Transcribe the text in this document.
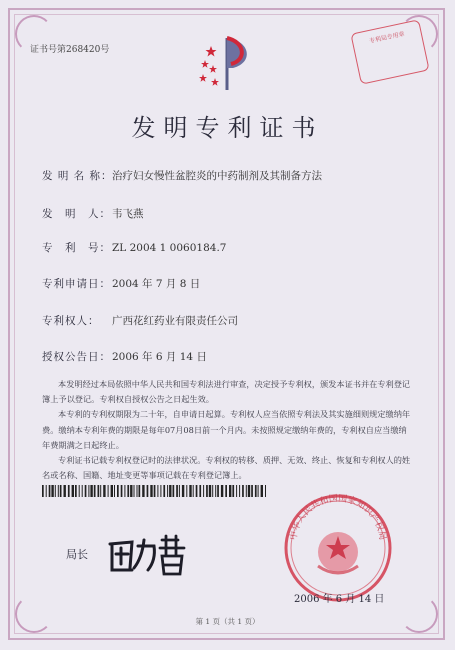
证书号第268420号
专利局专用章
发明专利证书
发 明 名 称：治疗妇女慢性盆腔炎的中药制剂及其制备方法
发　明　人：韦飞燕
专　利　号：ZL 2004 1 0060184.7
专利申请日：2004 年 7 月 8 日
专利权人： 广西花红药业有限责任公司
授权公告日：2006 年 6 月 14 日

本发明经过本局依照中华人民共和国专利法进行审查，决定授予专利权，颁发本证书并在专利登记簿上予以登记。专利权自授权公告之日起生效。

本专利的专利权期限为二十年，自申请日起算。专利权人应当依照专利法及其实施细则规定缴纳年费。缴纳本专利年费的期限是每年07月08日前一个月内。未按照规定缴纳年费的，专利权自应当缴纳年费期满之日起终止。

专利证书记载专利权登记时的法律状况。专利权的转移、质押、无效、终止、恢复和专利权人的姓名或名称、国籍、地址变更等事项记载在专利登记簿上。

局长
中华人民共和国国家知识产权局
2006 年 6 月 14 日
第 1 页（共 1 页）
